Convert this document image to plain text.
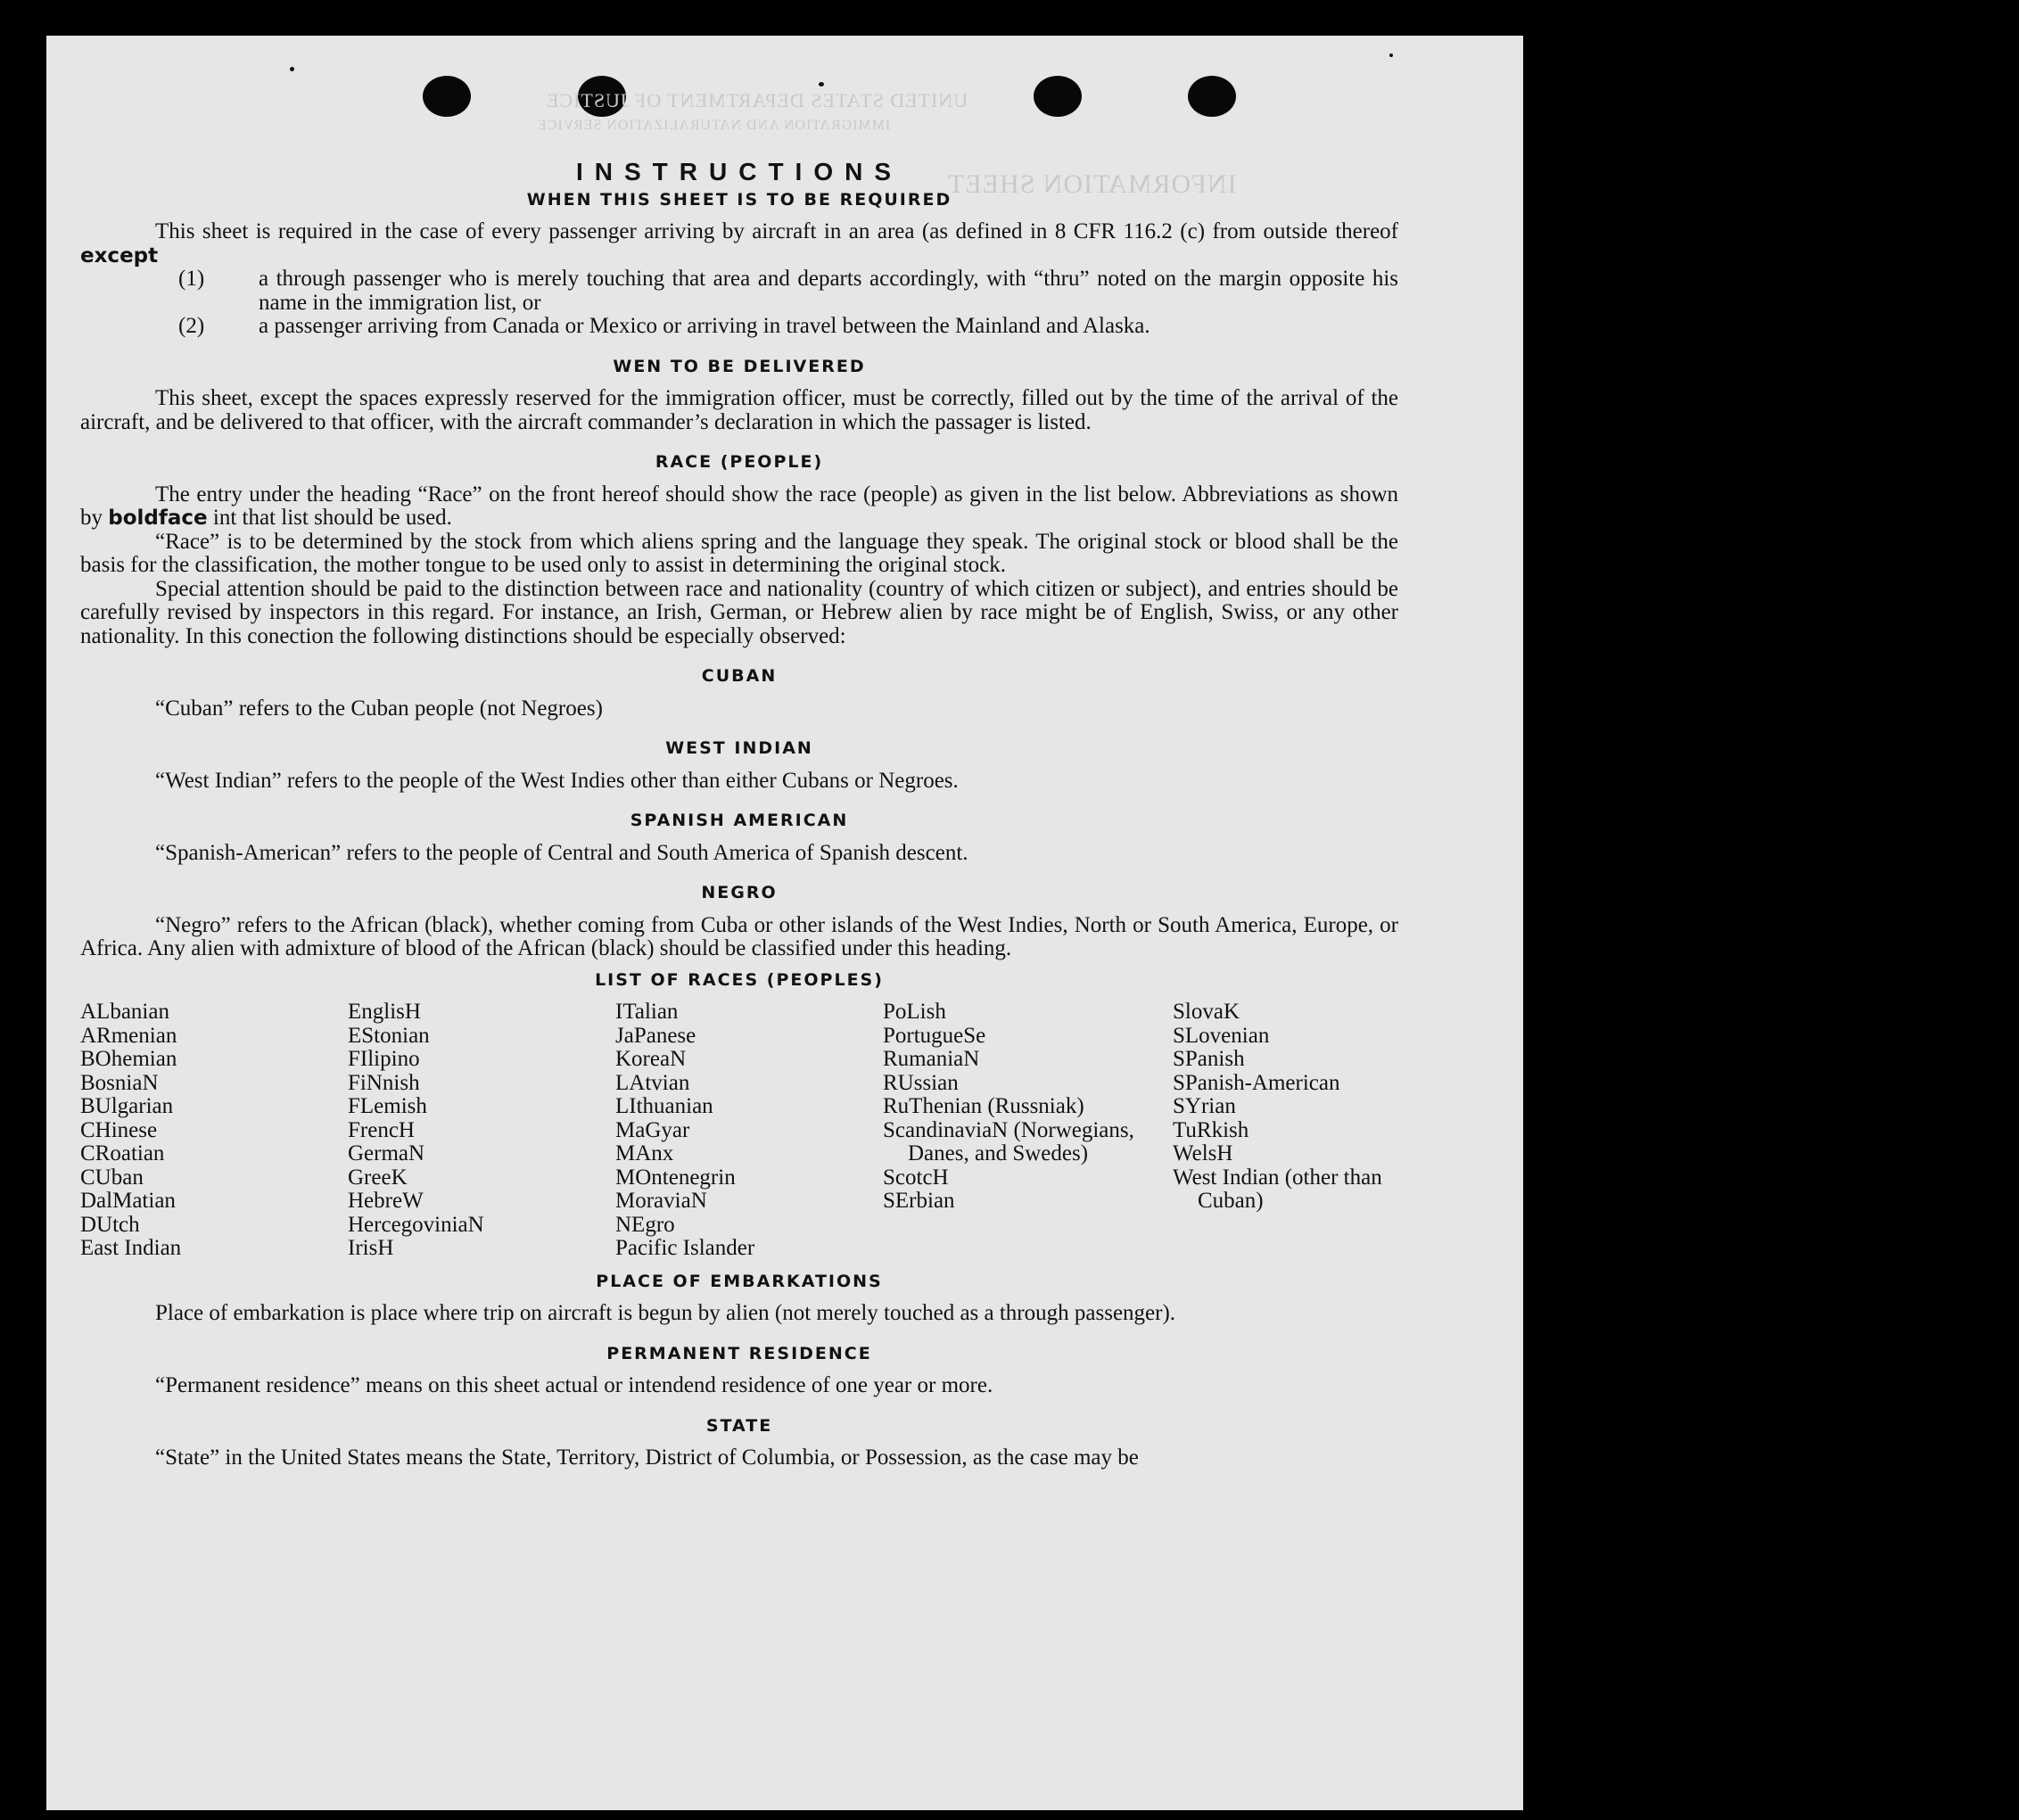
UNITED STATES DEPARTMENT OF JUSTICE
IMMIGRATION AND NATURALIZATION SERVICE
INFORMATION SHEET
INSTRUCTIONS
WHEN THIS SHEET IS TO BE REQUIRED

This sheet is required in the case of every passenger arriving by aircraft in an area (as defined in 8 CFR 116.2 (c) from outside thereof except

(1) a through passenger who is merely touching that area and departs accordingly, with “thru” noted on the margin opposite his name in the immigration list, or
(2) a passenger arriving from Canada or Mexico or arriving in travel between the Mainland and Alaska.
WEN TO BE DELIVERED

This sheet, except the spaces expressly reserved for the immigration officer, must be correctly, filled out by the time of the arrival of the aircraft, and be delivered to that officer, with the aircraft commander’s declaration in which the passager is listed.

RACE (PEOPLE)

The entry under the heading “Race” on the front hereof should show the race (people) as given in the list below. Abbreviations as shown by boldface int that list should be used.

“Race” is to be determined by the stock from which aliens spring and the language they speak. The original stock or blood shall be the basis for the classification, the mother tongue to be used only to assist in determining the original stock.

Special attention should be paid to the distinction between race and nationality (country of which citizen or subject), and entries should be carefully revised by inspectors in this regard. For instance, an Irish, German, or Hebrew alien by race might be of English, Swiss, or any other nationality. In this conection the following distinctions should be especially observed:

CUBAN

“Cuban” refers to the Cuban people (not Negroes)

WEST INDIAN

“West Indian” refers to the people of the West Indies other than either Cubans or Negroes.

SPANISH AMERICAN

“Spanish-American” refers to the people of Central and South America of Spanish descent.

NEGRO

“Negro” refers to the African (black), whether coming from Cuba or other islands of the West Indies, North or South America, Europe, or Africa. Any alien with admixture of blood of the African (black) should be classified under this heading.

LIST OF RACES (PEOPLES)
ALbanian
ARmenian
BOhemian
BosniaN
BUlgarian
CHinese
CRoatian
CUban
DalMatian
DUtch
East Indian
EnglisH
EStonian
FIlipino
FiNnish
FLemish
FrencH
GermaN
GreeK
HebreW
HercegoviniaN
IrisH
ITalian
JaPanese
KoreaN
LAtvian
LIthuanian
MaGyar
MAnx
MOntenegrin
MoraviaN
NEgro
Pacific Islander
PoLish
PortugueSe
RumaniaN
RUssian
RuThenian (Russniak)
ScandinaviaN (Norwegians, Danes, and Swedes)
ScotcH
SErbian
SlovaK
SLovenian
SPanish
SPanish-American
SYrian
TuRkish
WelsH
West Indian (other than Cuban)
PLACE OF EMBARKATIONS

Place of embarkation is place where trip on aircraft is begun by alien (not merely touched as a through passenger).

PERMANENT RESIDENCE

“Permanent residence” means on this sheet actual or intendend residence of one year or more.

STATE

“State” in the United States means the State, Territory, District of Columbia, or Possession, as the case may be
